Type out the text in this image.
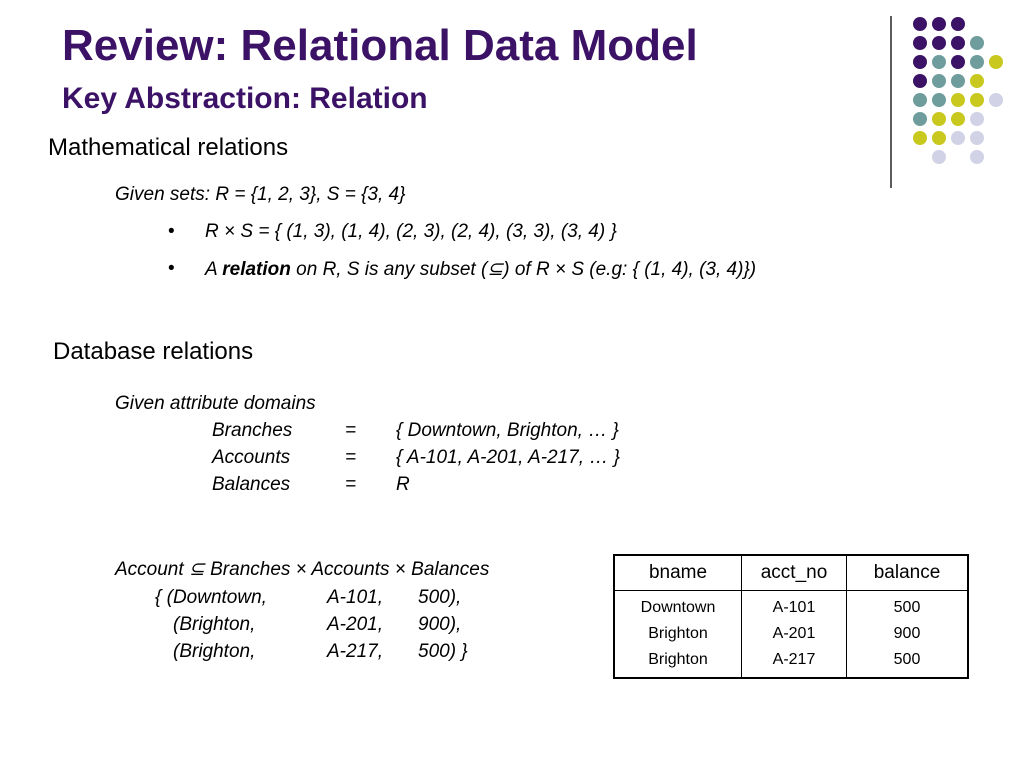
Review: Relational Data Model
Key Abstraction: Relation
Mathematical relations
Given sets: R = {1, 2, 3}, S = {3, 4}
• R × S = { (1, 3), (1, 4), (2, 3), (2, 4), (3, 3), (3, 4) }
• A relation on R, S is any subset (⊆) of R × S (e.g: { (1, 4), (3, 4)})
Database relations
Given attribute domains
Branches	= { Downtown, Brighton, … }
Accounts	= { A-101, A-201, A-217, … }
Balances	= R
Account ⊆ Branches × Accounts × Balances
{ (Downtown,	A-101, 500),
(Brighton,	A-201, 900),
(Brighton,	A-217, 500) }
bname	acct_no	balance
Downtown	A-101	500
Brighton	A-201	900
Brighton	A-217	500
